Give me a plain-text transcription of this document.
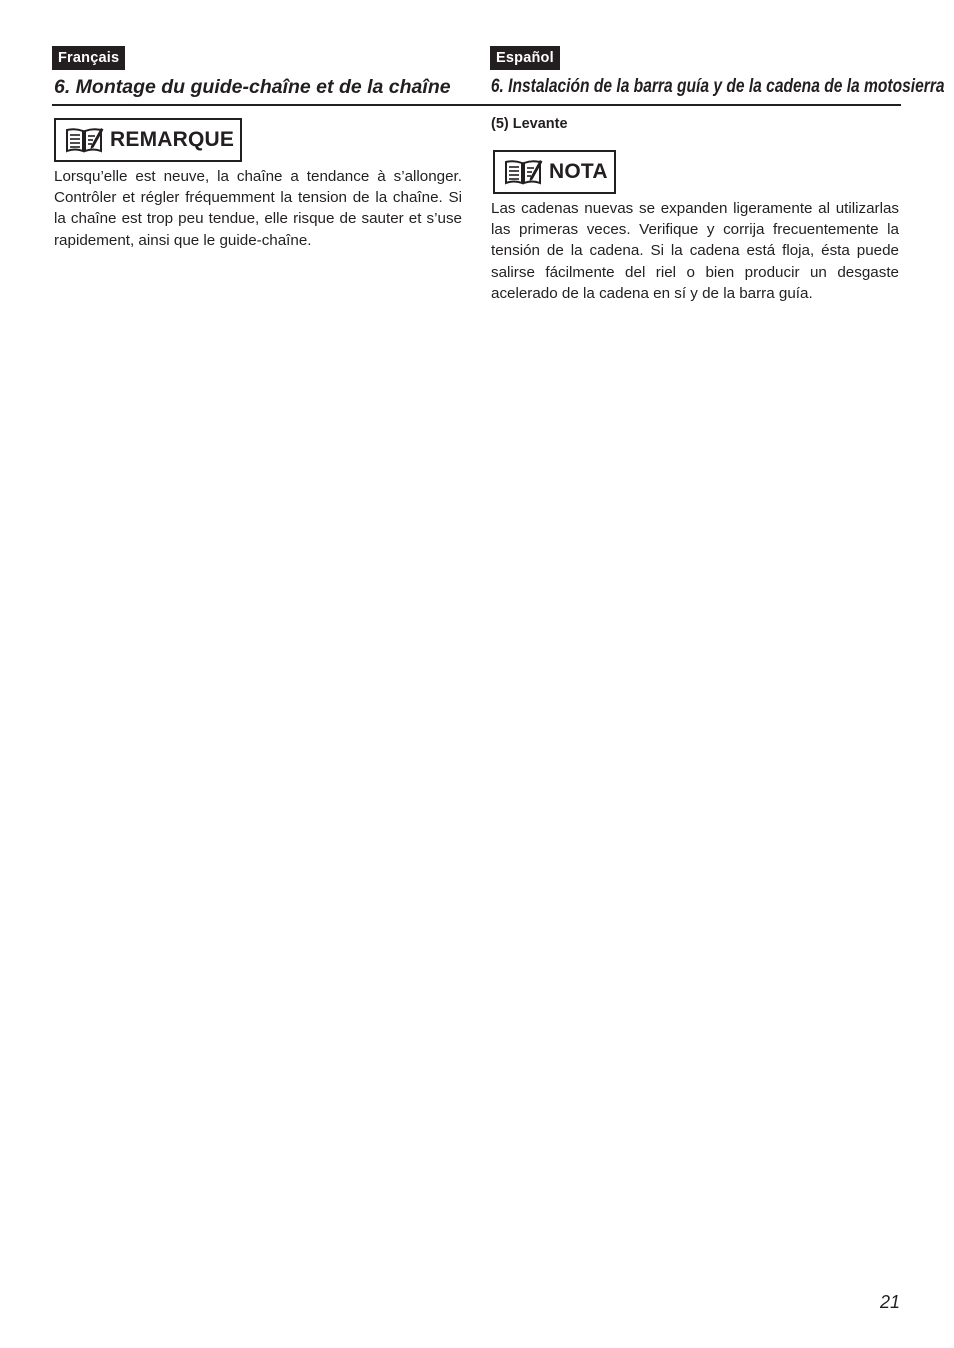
Français
6. Montage du guide-chaîne et de la chaîne
REMARQUE

Lorsqu’elle est neuve, la chaîne a tendance à s’allonger. Contrôler et régler fréquemment la tension de la chaîne. Si la chaîne est trop peu tendue, elle risque de sauter et s’use rapidement, ainsi que le guide-chaîne.

Español
6. Instalación de la barra guía y de la cadena de la motosierra
(5) Levante
NOTA

Las cadenas nuevas se expanden ligeramente al utilizarlas las primeras veces. Verifique y corrija frecuentemente la tensión de la cadena. Si la cadena está floja, ésta puede salirse fácilmente del riel o bien producir un desgaste acelerado de la cadena en sí y de la barra guía.

21
